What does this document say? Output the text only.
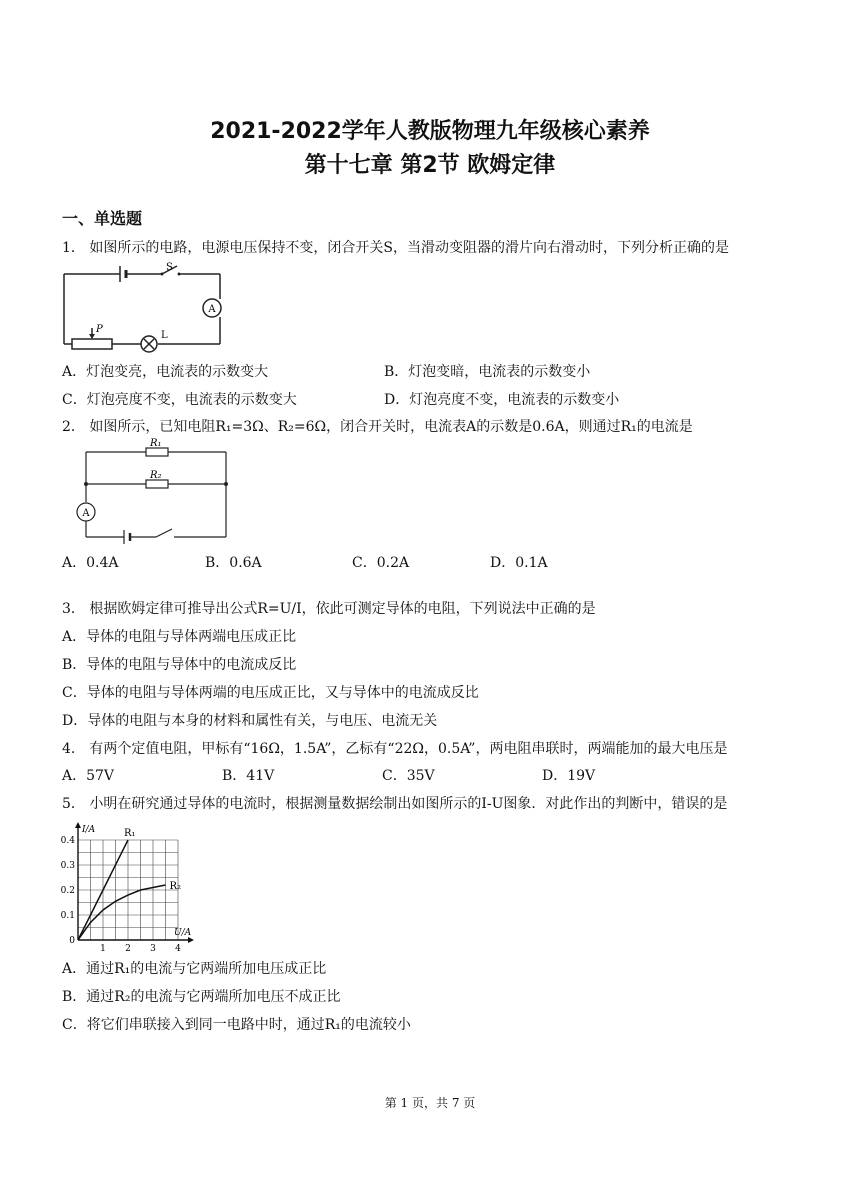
2021-2022学年人教版物理九年级核心素养
第十七章 第2节 欧姆定律
一、单选题
1． 如图所示的电路，电源电压保持不变，闭合开关S，当滑动变阻器的滑片向右滑动时，下列分析正确的是
S
A
P
L
A．灯泡变亮，电流表的示数变大	B．灯泡变暗，电流表的示数变小
C．灯泡亮度不变，电流表的示数变大	D．灯泡亮度不变，电流表的示数变小
2． 如图所示，已知电阻R₁=3Ω、R₂=6Ω，闭合开关时，电流表A的示数是0.6A，则通过R₁的电流是
R₁
R₂
A
A．0.4A	B．0.6A	C．0.2A	D．0.1A
3． 根据欧姆定律可推导出公式R=U/I，依此可测定导体的电阻，下列说法中正确的是
A．导体的电阻与导体两端电压成正比
B．导体的电阻与导体中的电流成反比
C．导体的电阻与导体两端的电压成正比，又与导体中的电流成反比
D．导体的电阻与本身的材料和属性有关，与电压、电流无关
4． 有两个定值电阻，甲标有“16Ω，1.5A”，乙标有“22Ω，0.5A”，两电阻串联时，两端能加的最大电压是
A．57V	B．41V	C．35V	D．19V
5． 小明在研究通过导体的电流时，根据测量数据绘制出如图所示的I-U图象．对此作出的判断中，错误的是
1 2 3 4
0.1
0.2
0.3
0.4
0
I/A
U/A
R₁
R₂
A．通过R₁的电流与它两端所加电压成正比
B．通过R₂的电流与它两端所加电压不成正比
C．将它们串联接入到同一电路中时，通过R₁的电流较小
第 1 页，共 7 页
